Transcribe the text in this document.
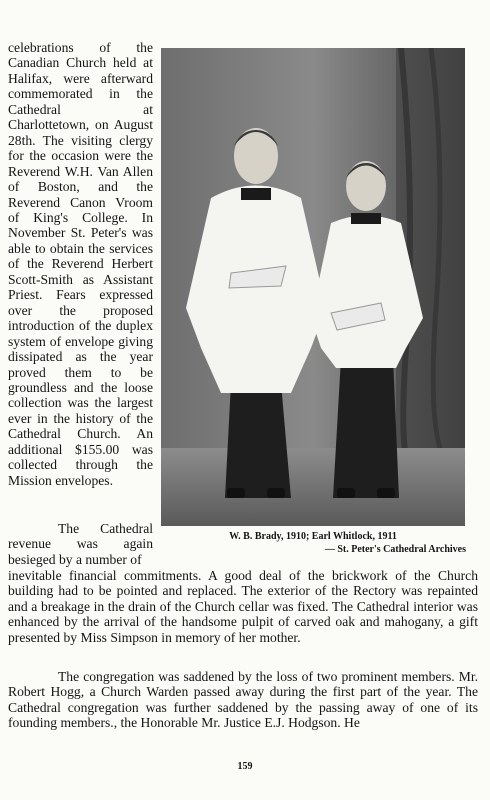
celebrations of the Canadian Church held at Halifax, were afterward commemorated in the Cathedral at Charlottetown, on August 28th. The visiting clergy for the occasion were the Reverend W.H. Van Allen of Boston, and the Reverend Canon Vroom of King's College. In November St. Peter's was able to obtain the services of the Reverend Herbert Scott-Smith as Assistant Priest. Fears expressed over the proposed introduction of the duplex system of envelope giving dissipated as the year proved them to be groundless and the loose collection was the largest ever in the history of the Cathedral Church. An additional $155.00 was collected through the Mission envelopes.

W. B. Brady, 1910; Earl Whitlock, 1911
— St. Peter's Cathedral Archives

The Cathedral revenue was again besieged by a number of

inevitable financial commitments. A good deal of the brickwork of the Church building had to be pointed and replaced. The exterior of the Rectory was repainted and a breakage in the drain of the Church cellar was fixed. The Cathedral interior was enhanced by the arrival of the handsome pulpit of carved oak and mahogany, a gift presented by Miss Simpson in memory of her mother.

The congregation was saddened by the loss of two prominent members. Mr. Robert Hogg, a Church Warden passed away during the first part of the year. The Cathedral congregation was further saddened by the passing away of one of its founding members., the Honorable Mr. Justice E.J. Hodgson. He

159
